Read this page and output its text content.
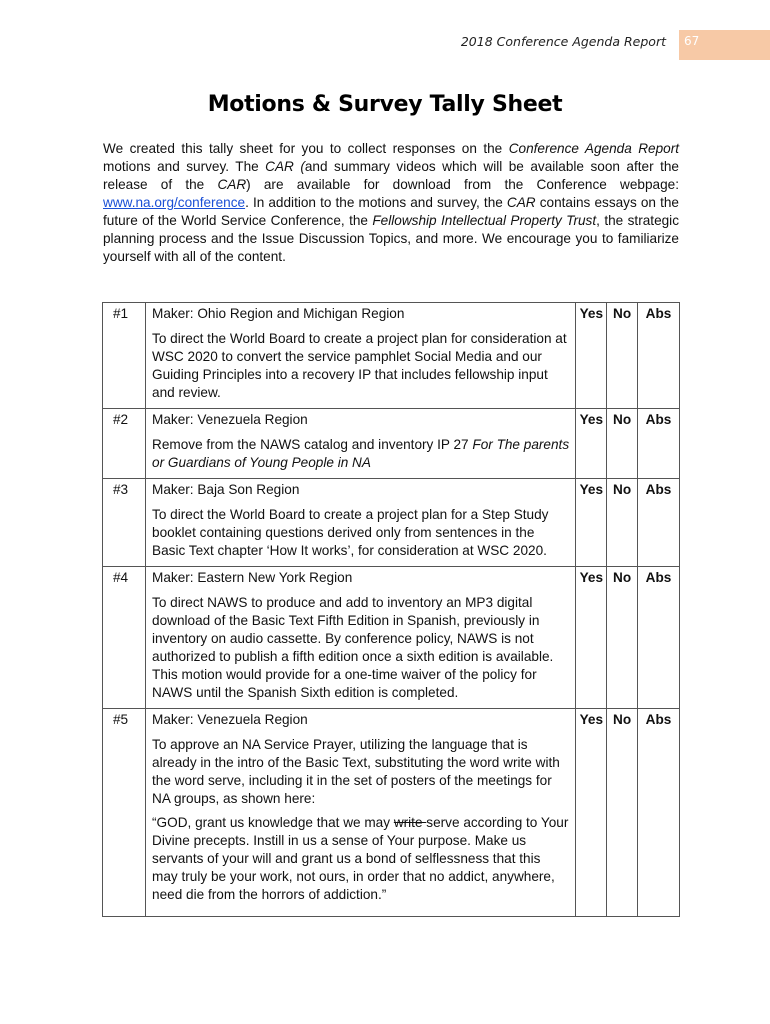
2018 Conference Agenda Report	67
Motions & Survey Tally Sheet

We created this tally sheet for you to collect responses on the Conference Agenda Report motions and survey. The CAR (and summary videos which will be available soon after the release of the CAR) are available for download from the Conference webpage: www.na.org/conference. In addition to the motions and survey, the CAR contains essays on the future of the World Service Conference, the Fellowship Intellectual Property Trust, the strategic planning process and the Issue Discussion Topics, and more. We encourage you to familiarize yourself with all of the content.

#1	Maker: Ohio Region and Michigan Region
To direct the World Board to create a project plan for consideration at WSC 2020 to convert the service pamphlet Social Media and our Guiding Principles into a recovery IP that includes fellowship input and review.	Yes	No	Abs
#2	Maker: Venezuela Region
Remove from the NAWS catalog and inventory IP 27 For The parents or Guardians of Young People in NA	Yes	No	Abs
#3	Maker: Baja Son Region
To direct the World Board to create a project plan for a Step Study booklet containing questions derived only from sentences in the Basic Text chapter ‘How It works’, for consideration at WSC 2020.	Yes	No	Abs
#4	Maker: Eastern New York Region
To direct NAWS to produce and add to inventory an MP3 digital download of the Basic Text Fifth Edition in Spanish, previously in inventory on audio cassette. By conference policy, NAWS is not authorized to publish a fifth edition once a sixth edition is available. This motion would provide for a one-time waiver of the policy for NAWS until the Spanish Sixth edition is completed.	Yes	No	Abs
#5	Maker: Venezuela Region
To approve an NA Service Prayer, utilizing the language that is already in the intro of the Basic Text, substituting the word write with the word serve, including it in the set of posters of the meetings for NA groups, as shown here:
“GOD, grant us knowledge that we may write serve according to Your Divine precepts. Instill in us a sense of Your purpose. Make us servants of your will and grant us a bond of selflessness that this may truly be your work, not ours, in order that no addict, anywhere, need die from the horrors of addiction.”	Yes	No	Abs
